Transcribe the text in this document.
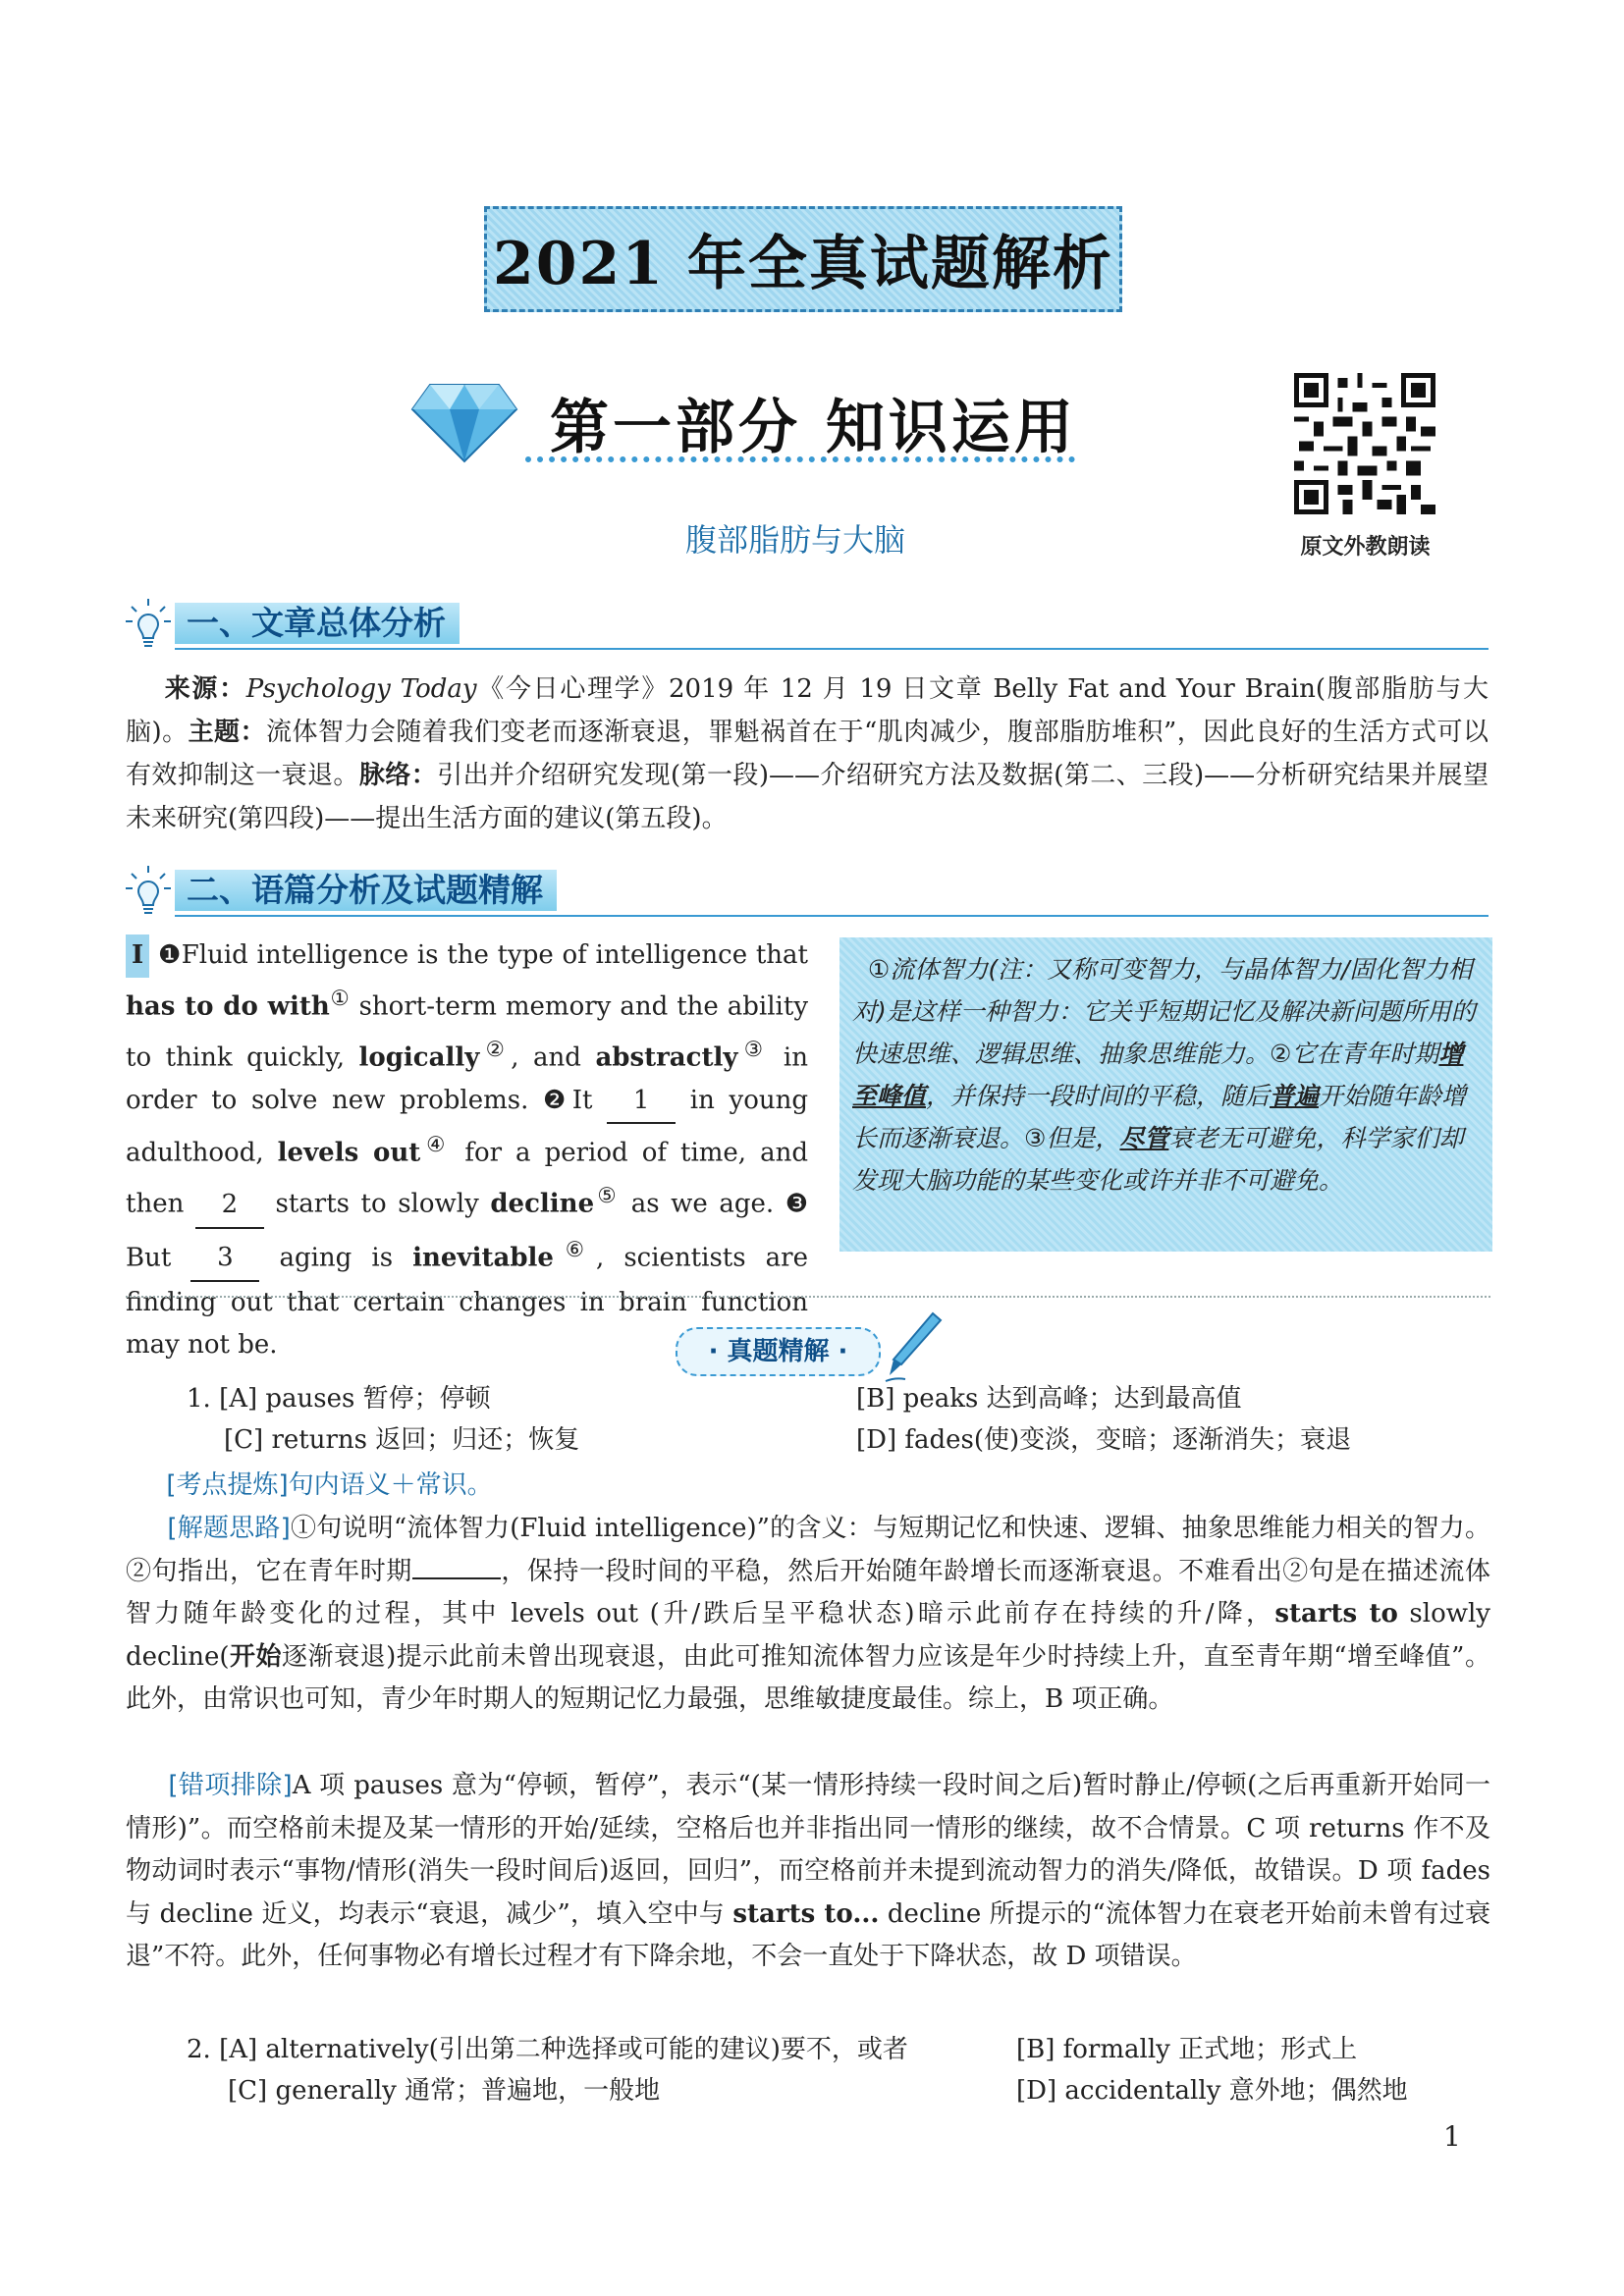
2021 年全真试题解析
第一部分 知识运用
原文外教朗读
腹部脂肪与大脑
一、文章总体分析
来源：Psychology Today《今日心理学》2019 年 12 月 19 日文章 Belly Fat and Your Brain(腹部脂肪与大脑)。主题：流体智力会随着我们变老而逐渐衰退，罪魁祸首在于“肌肉减少，腹部脂肪堆积”，因此良好的生活方式可以有效抑制这一衰退。脉络：引出并介绍研究发现(第一段)——介绍研究方法及数据(第二、三段)——分析研究结果并展望未来研究(第四段)——提出生活方面的建议(第五段)。
二、语篇分析及试题精解
Ⅰ ❶Fluid intelligence is the type of intelligence that has to do with① short-term memory and the ability to think quickly, logically②, and abstractly③ in order to solve new problems. ❷It 1 in young adulthood, levels out④ for a period of time, and then 2 starts to slowly decline⑤ as we age. ❸ But 3 aging is inevitable⑥, scientists are finding out that certain changes in brain function may not be.
①流体智力(注：又称可变智力，与晶体智力/固化智力相对)是这样一种智力：它关乎短期记忆及解决新问题所用的快速思维、逻辑思维、抽象思维能力。②它在青年时期增至峰值，并保持一段时间的平稳，随后普遍开始随年龄增长而逐渐衰退。③但是，尽管衰老无可避免，科学家们却发现大脑功能的某些变化或许并非不可避免。
· 真题精解 ·
1. [A] pauses 暂停；停顿	[B] peaks 达到高峰；达到最高值
[C] returns 返回；归还；恢复	[D] fades(使)变淡，变暗；逐渐消失；衰退
[考点提炼]句内语义＋常识。
[解题思路]①句说明“流体智力(Fluid intelligence)”的含义：与短期记忆和快速、逻辑、抽象思维能力相关的智力。②句指出，它在青年时期	，保持一段时间的平稳，然后开始随年龄增长而逐渐衰退。不难看出②句是在描述流体智力随年龄变化的过程，其中 levels out (升/跌后呈平稳状态)暗示此前存在持续的升/降，starts to slowly decline(开始逐渐衰退)提示此前未曾出现衰退，由此可推知流体智力应该是年少时持续上升，直至青年期“增至峰值”。此外，由常识也可知，青少年时期人的短期记忆力最强，思维敏捷度最佳。综上，B 项正确。
[错项排除]A 项 pauses 意为“停顿，暂停”，表示“(某一情形持续一段时间之后)暂时静止/停顿(之后再重新开始同一情形)”。而空格前未提及某一情形的开始/延续，空格后也并非指出同一情形的继续，故不合情景。C 项 returns 作不及物动词时表示“事物/情形(消失一段时间后)返回，回归”，而空格前并未提到流动智力的消失/降低，故错误。D 项 fades 与 decline 近义，均表示“衰退，减少”，填入空中与 starts to... decline 所提示的“流体智力在衰老开始前未曾有过衰退”不符。此外，任何事物必有增长过程才有下降余地，不会一直处于下降状态，故 D 项错误。
2. [A] alternatively(引出第二种选择或可能的建议)要不，或者	[B] formally 正式地；形式上
[C] generally 通常；普遍地，一般地	[D] accidentally 意外地；偶然地
1
